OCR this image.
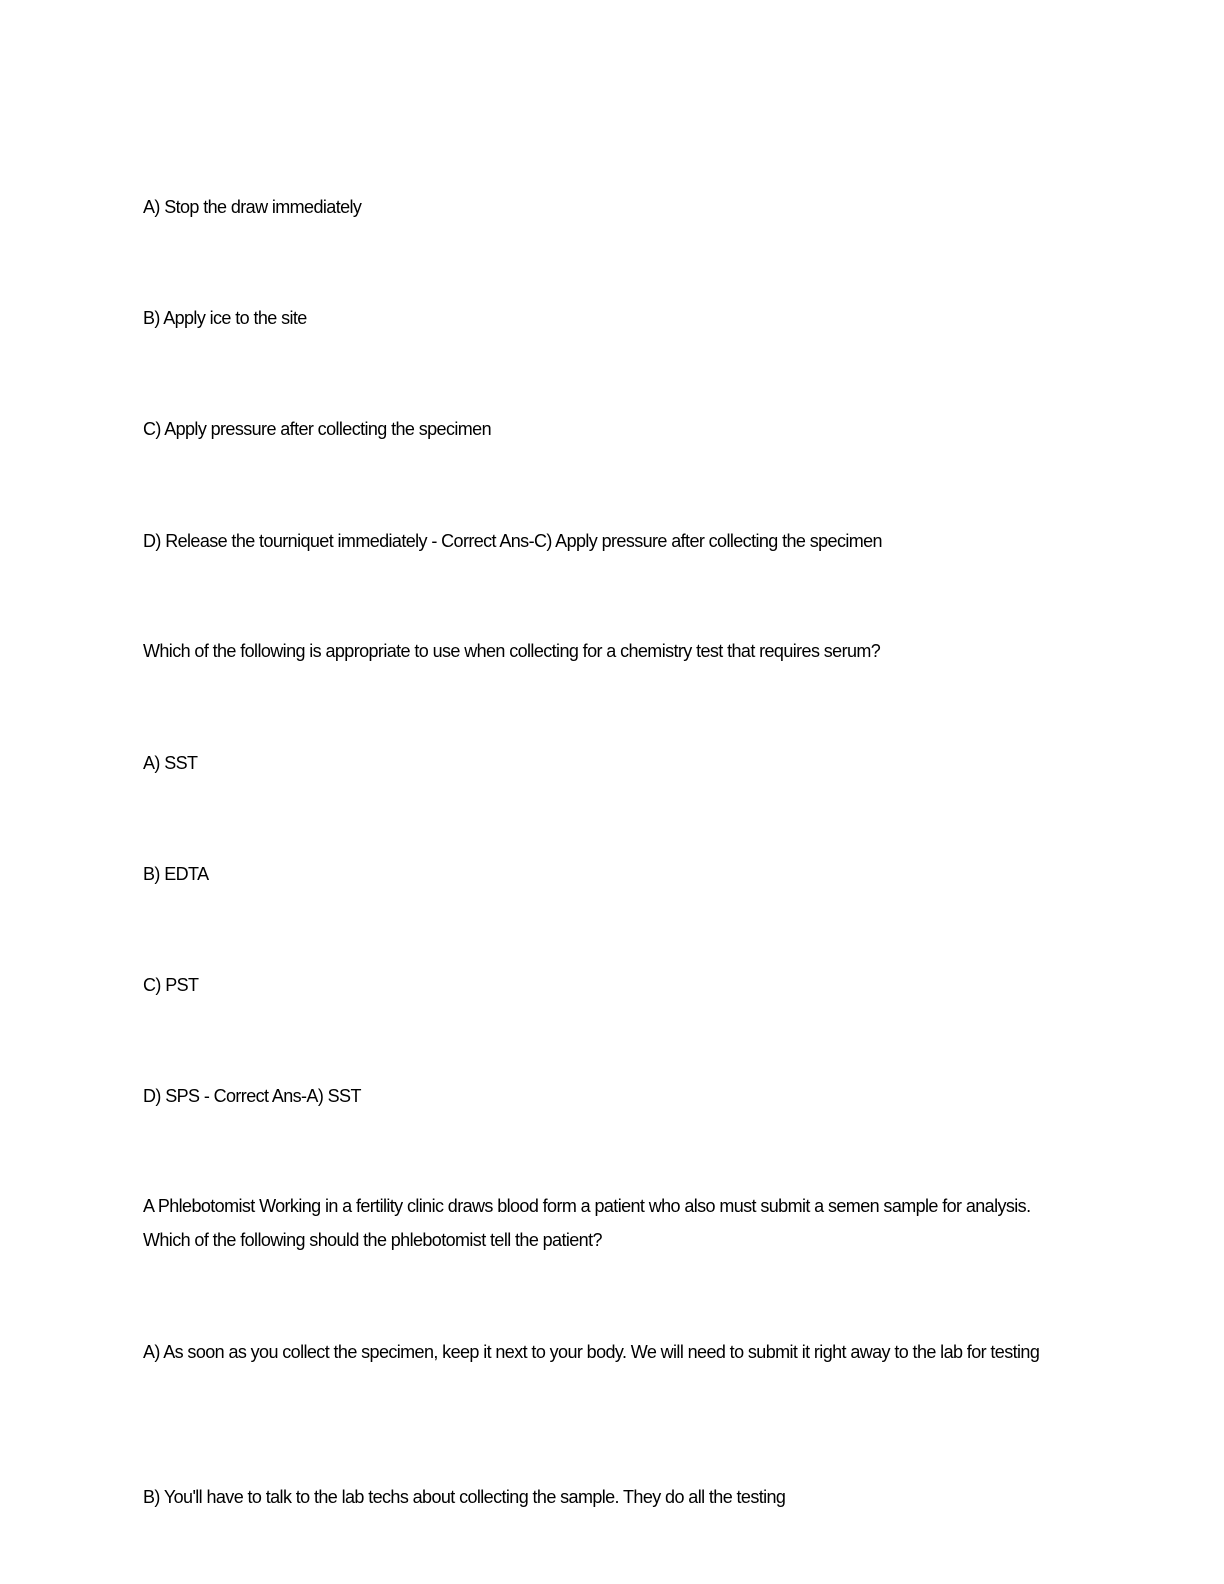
A) Stop the draw immediately

B) Apply ice to the site

C) Apply pressure after collecting the specimen

D) Release the tourniquet immediately - Correct Ans-C) Apply pressure after collecting the specimen

Which of the following is appropriate to use when collecting for a chemistry test that requires serum?

A) SST

B) EDTA

C) PST

D) SPS - Correct Ans-A) SST

A Phlebotomist Working in a fertility clinic draws blood form a patient who also must submit a semen sample for analysis. Which of the following should the phlebotomist tell the patient?

A) As soon as you collect the specimen, keep it next to your body. We will need to submit it right away to the lab for testing

B) You'll have to talk to the lab techs about collecting the sample. They do all the testing
